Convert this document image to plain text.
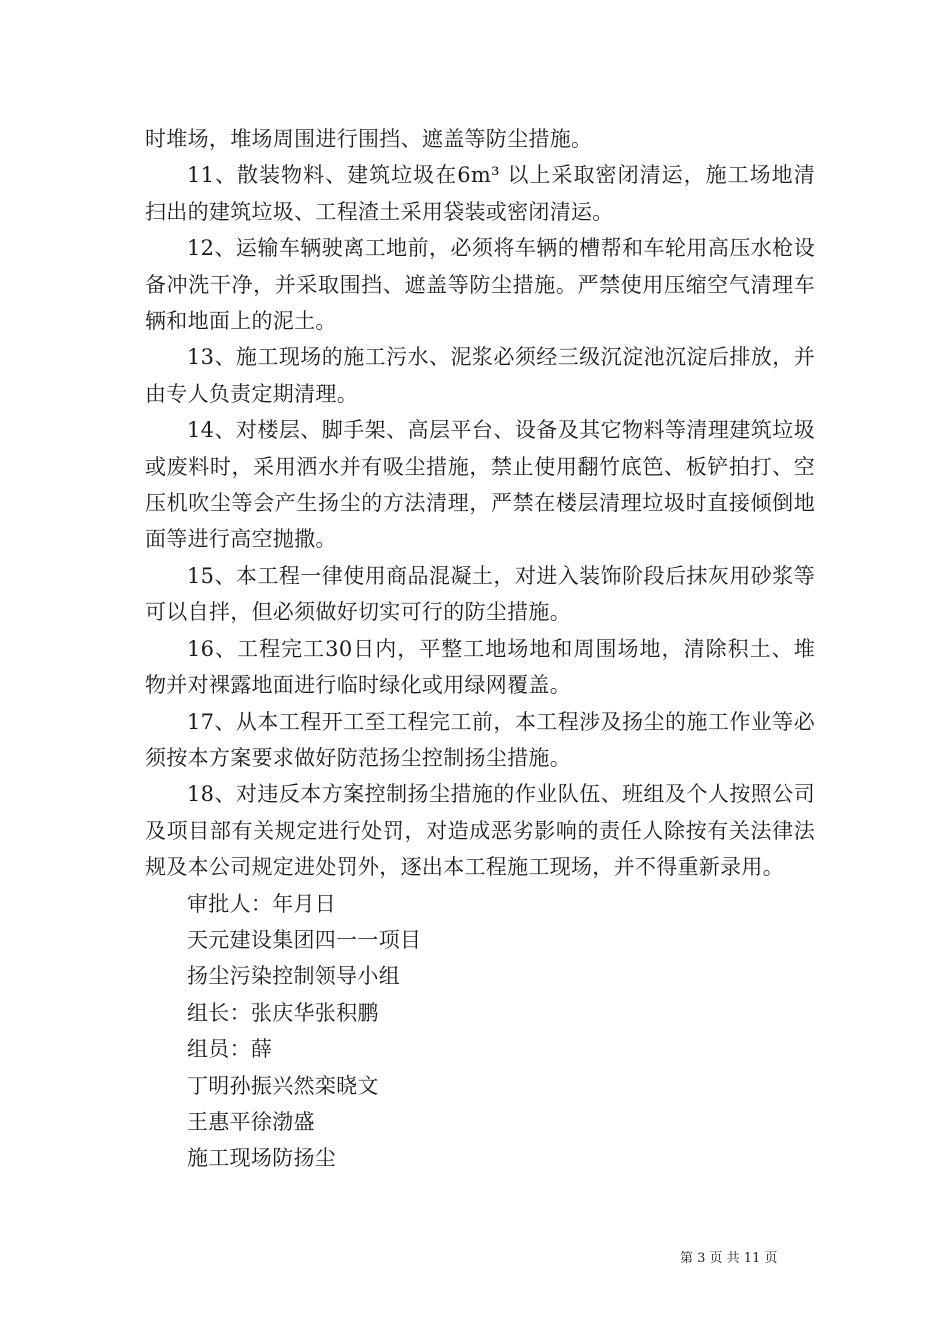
时堆场，堆场周围进行围挡、遮盖等防尘措施。

11、散装物料、建筑垃圾在6m³ 以上采取密闭清运，施工场地清扫出的建筑垃圾、工程渣土采用袋装或密闭清运。

12、运输车辆驶离工地前，必须将车辆的槽帮和车轮用高压水枪设备冲洗干净，并采取围挡、遮盖等防尘措施。严禁使用压缩空气清理车辆和地面上的泥土。

13、施工现场的施工污水、泥浆必须经三级沉淀池沉淀后排放，并由专人负责定期清理。

14、对楼层、脚手架、高层平台、设备及其它物料等清理建筑垃圾或废料时，采用洒水并有吸尘措施，禁止使用翻竹底笆、板铲拍打、空压机吹尘等会产生扬尘的方法清理，严禁在楼层清理垃圾时直接倾倒地面等进行高空抛撒。

15、本工程一律使用商品混凝土，对进入装饰阶段后抹灰用砂浆等可以自拌，但必须做好切实可行的防尘措施。

16、工程完工30日内，平整工地场地和周围场地，清除积土、堆物并对裸露地面进行临时绿化或用绿网覆盖。

17、从本工程开工至工程完工前，本工程涉及扬尘的施工作业等必须按本方案要求做好防范扬尘控制扬尘措施。

18、对违反本方案控制扬尘措施的作业队伍、班组及个人按照公司及项目部有关规定进行处罚，对造成恶劣影响的责任人除按有关法律法规及本公司规定进处罚外，逐出本工程施工现场，并不得重新录用。

审批人：年月日

天元建设集团四一一项目

扬尘污染控制领导小组

组长：张庆华张积鹏

组员：薛

丁明孙振兴然栾晓文

王惠平徐渤盛

施工现场防扬尘

第 3 页 共 11 页
